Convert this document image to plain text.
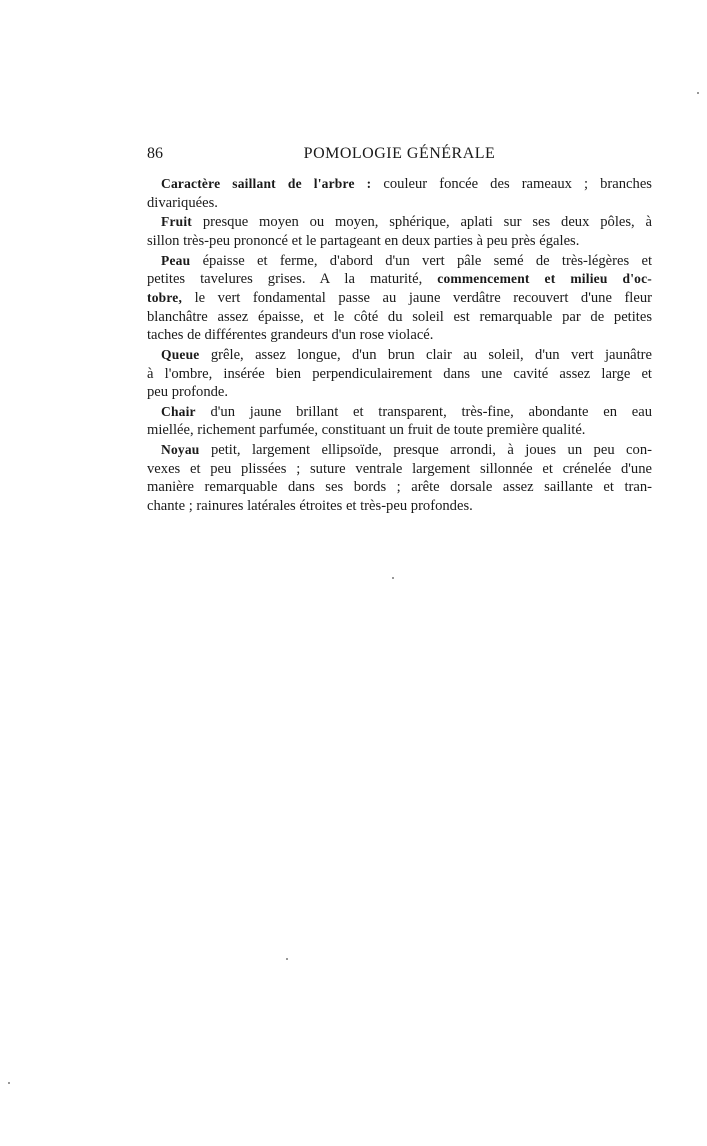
86	POMOLOGIE GÉNÉRALE
Caractère saillant de l'arbre : couleur foncée des rameaux ; branches
divariquées.
Fruit presque moyen ou moyen, sphérique, aplati sur ses deux pôles, à
sillon très-peu prononcé et le partageant en deux parties à peu près égales.
Peau épaisse et ferme, d'abord d'un vert pâle semé de très-légères et
petites tavelures grises. A la maturité, commencement et milieu d'oc-
tobre, le vert fondamental passe au jaune verdâtre recouvert d'une fleur
blanchâtre assez épaisse, et le côté du soleil est remarquable par de petites
taches de différentes grandeurs d'un rose violacé.
Queue grêle, assez longue, d'un brun clair au soleil, d'un vert jaunâtre
à l'ombre, insérée bien perpendiculairement dans une cavité assez large et
peu profonde.
Chair d'un jaune brillant et transparent, très-fine, abondante en eau
miellée, richement parfumée, constituant un fruit de toute première qualité.
Noyau petit, largement ellipsoïde, presque arrondi, à joues un peu con-
vexes et peu plissées ; suture ventrale largement sillonnée et crénelée d'une
manière remarquable dans ses bords ; arête dorsale assez saillante et tran-
chante ; rainures latérales étroites et très-peu profondes.
